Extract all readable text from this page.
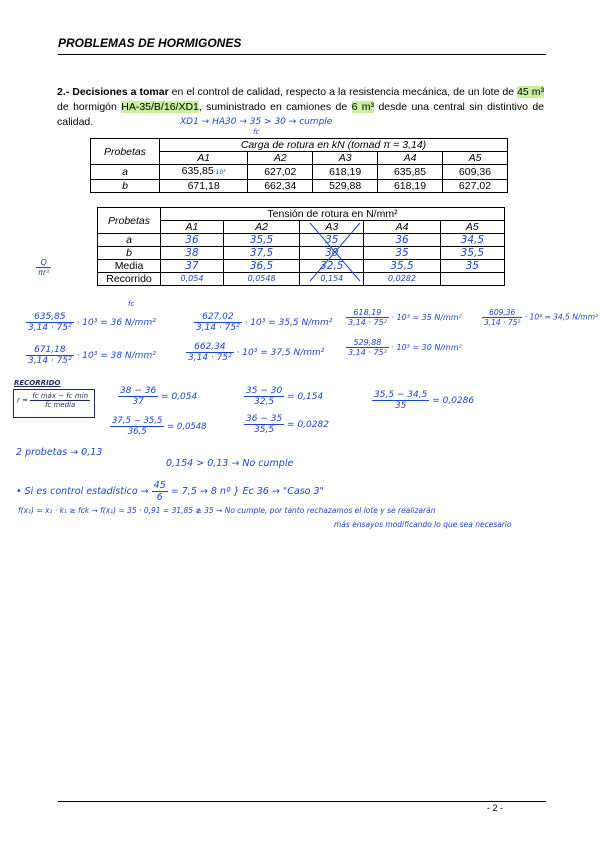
PROBLEMAS DE HORMIGONES
2.- Decisiones a tomar en el control de calidad, respecto a la resistencia mecánica, de un lote de 45 m³ de hormigón HA-35/B/16/XD1, suministrado en camiones de 6 m³ desde una central sin distintivo de calidad.	XD1 → HA30 → 35 > 30 → cumple
fc
Probetas	Carga de rotura en kN (tomad π = 3,14)				
	A1	A2	A3	A4	A5
a	635,85·10³	627,02	618,19	635,85	609,36
b	671,18	662,34	529,88	618,19	627,02
Probetas	Tensión de rotura en N/mm²				
	A1	A2	A3	A4	A5
a	36	35,5	35	36	34,5
b	38	37,5	30	35	35,5
Media	37	36,5	32,5	35,5	35
Recorrido	0,054	0,0548	0,154	0,0282	
$\frac{Q}{\text{πr²}}$
fc
$\frac{635,85}{\text{3,14 · 75²}} \cdot 10^3 = 36$ N/mm²	$\frac{627,02}{\text{3,14 · 75²}} \cdot 10^3 = 35,5$ $N/mm^2 \frac{618,19}{\text{3,14 · 75²}} \cdot 10^3 = 35$ N/mm²	$\frac{609,36}{\text{3,14 · 75²}} \cdot 10^3 = 34,5$ N/mm²
$\frac{671,18}{\text{3,14 · 75²}} \cdot 10^3 = 38$ N/mm²	$\frac{662,34}{\text{3,14 · 75²}} \cdot 10^3 = 37,5$ N/mm²	$\frac{529,88}{\text{3,14 · 75²}} \cdot 10^3 = 30$ N/mm²
RECORRIDO
$r = \frac{\text{fc máx − fc mín}}{\text{fc media}}$	$\frac{38 - 36}{37} = 0,054$	$\frac{35 - 30}{32,5} = 0,154$	$\frac{35,5 - 34,5}{35} = 0,0286$
$\frac{37,5 - 35,5}{36,5} = 0,0548$	$\frac{36 - 35}{35,5} = 0,0282$
2 probetas → 0,13
0,154 > 0,13 → No cumple
• Si es control estadístico → $\frac{45}{6} = 7,5 \to 8$ nº } Ec 36 → "Caso 3"
f(x₁) = x₁ · k₁ ≥ fck → f(x₁) = 35 · 0,91 = 31,85 ≱ 35 → No cumple, por tanto rechazamos el lote y se realizarán
más ensayos modificando lo que sea necesario
- 2 -
